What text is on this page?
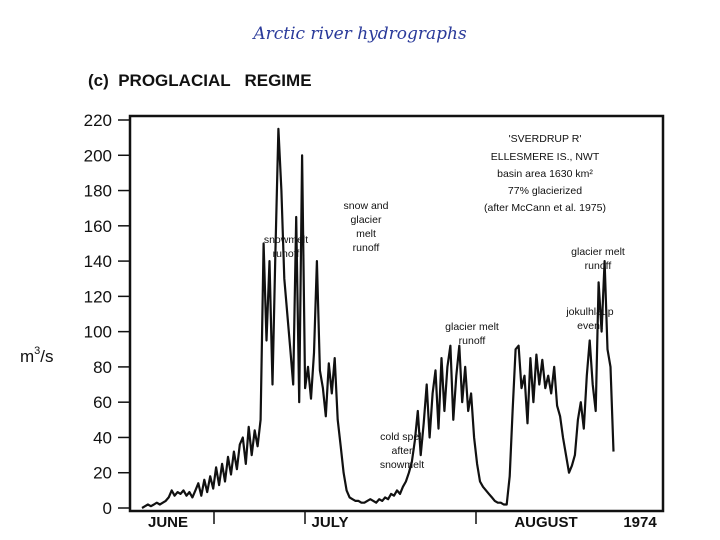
Arctic river hydrographs
(c)  PROGLACIAL   REGIME
220
200
180
160
140
120
100
80
60
40
20
0
JUNE	JULY	AUGUST	1974
$m^3/s$
'SVERDRUP R'
ELLESMERE IS., NWT
basin area 1630 km²
77% glacierized
(after McCann et al. 1975)
snowmelt runoff
snow and glacier melt runoff
cold spell after snowmelt
glacier melt runoff
jokulhlaup event
glacier melt runoff
